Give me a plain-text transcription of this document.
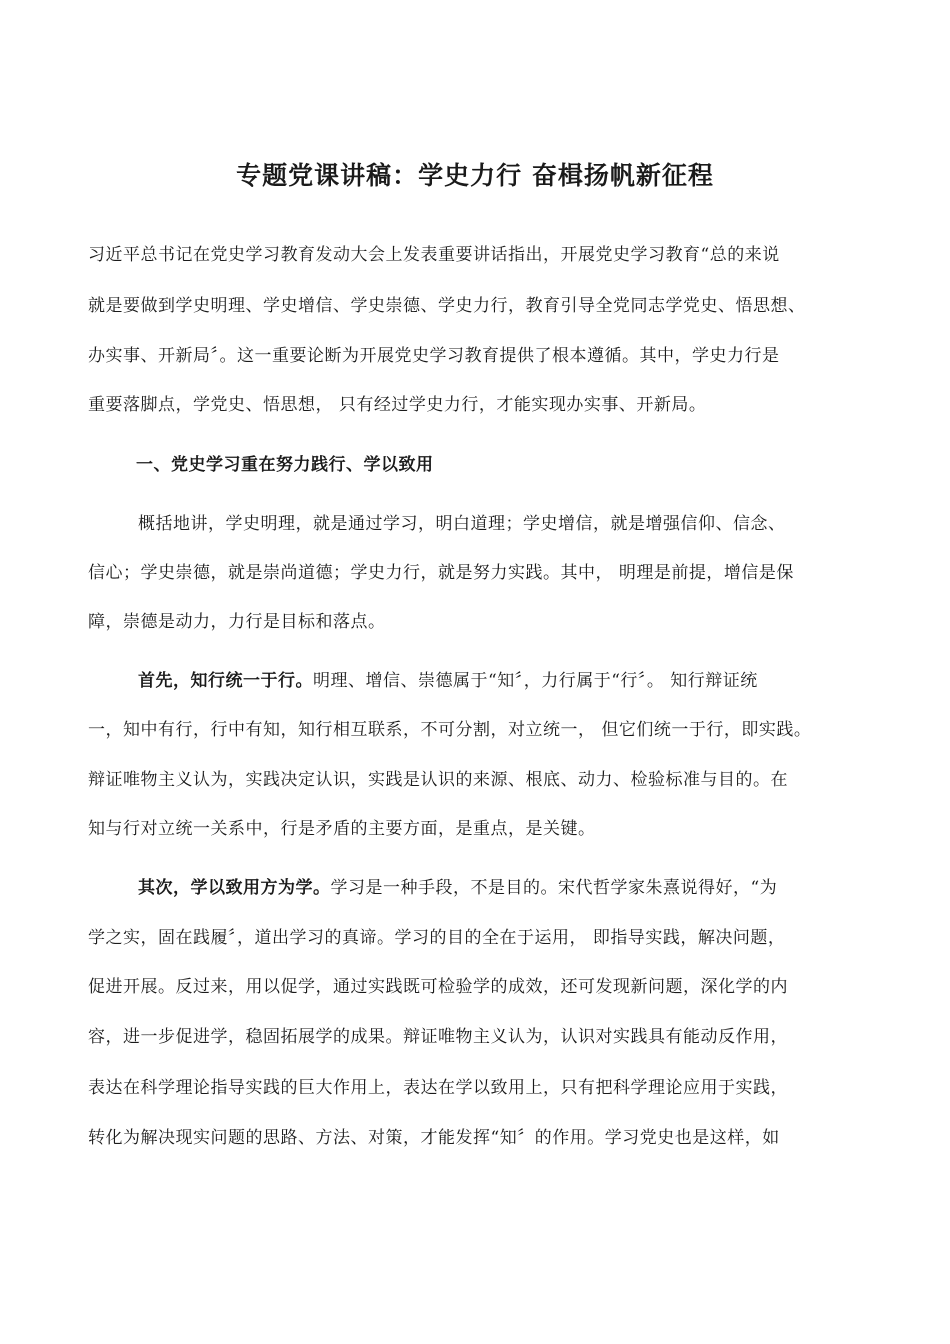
专题党课讲稿：学史力行 奋楫扬帆新征程
习近平总书记在党史学习教育发动大会上发表重要讲话指出，开展党史学习教育“总的来说
就是要做到学史明理、学史增信、学史崇德、学史力行，教育引导全党同志学党史、悟思想、
办实事、开新局〞。这一重要论断为开展党史学习教育提供了根本遵循。其中，学史力行是
重要落脚点，学党史、悟思想， 只有经过学史力行，才能实现办实事、开新局。
一、党史学习重在努力践行、学以致用
概括地讲，学史明理，就是通过学习，明白道理；学史增信，就是增强信仰、信念、
信心；学史崇德，就是崇尚道德；学史力行，就是努力实践。其中， 明理是前提，增信是保
障，崇德是动力，力行是目标和落点。
首先，知行统一于行。明理、增信、崇德属于“知〞，力行属于“行〞。 知行辩证统
一，知中有行，行中有知，知行相互联系，不可分割，对立统一， 但它们统一于行，即实践。
辩证唯物主义认为，实践决定认识，实践是认识的来源、根底、动力、检验标准与目的。在
知与行对立统一关系中，行是矛盾的主要方面，是重点，是关键。
其次，学以致用方为学。学习是一种手段，不是目的。宋代哲学家朱熹说得好，“为
学之实，固在践履〞，道出学习的真谛。学习的目的全在于运用， 即指导实践，解决问题，
促进开展。反过来，用以促学，通过实践既可检验学的成效，还可发现新问题，深化学的内
容，进一步促进学，稳固拓展学的成果。辩证唯物主义认为，认识对实践具有能动反作用，
表达在科学理论指导实践的巨大作用上，表达在学以致用上，只有把科学理论应用于实践，
转化为解决现实问题的思路、方法、对策，才能发挥“知〞的作用。学习党史也是这样，如
